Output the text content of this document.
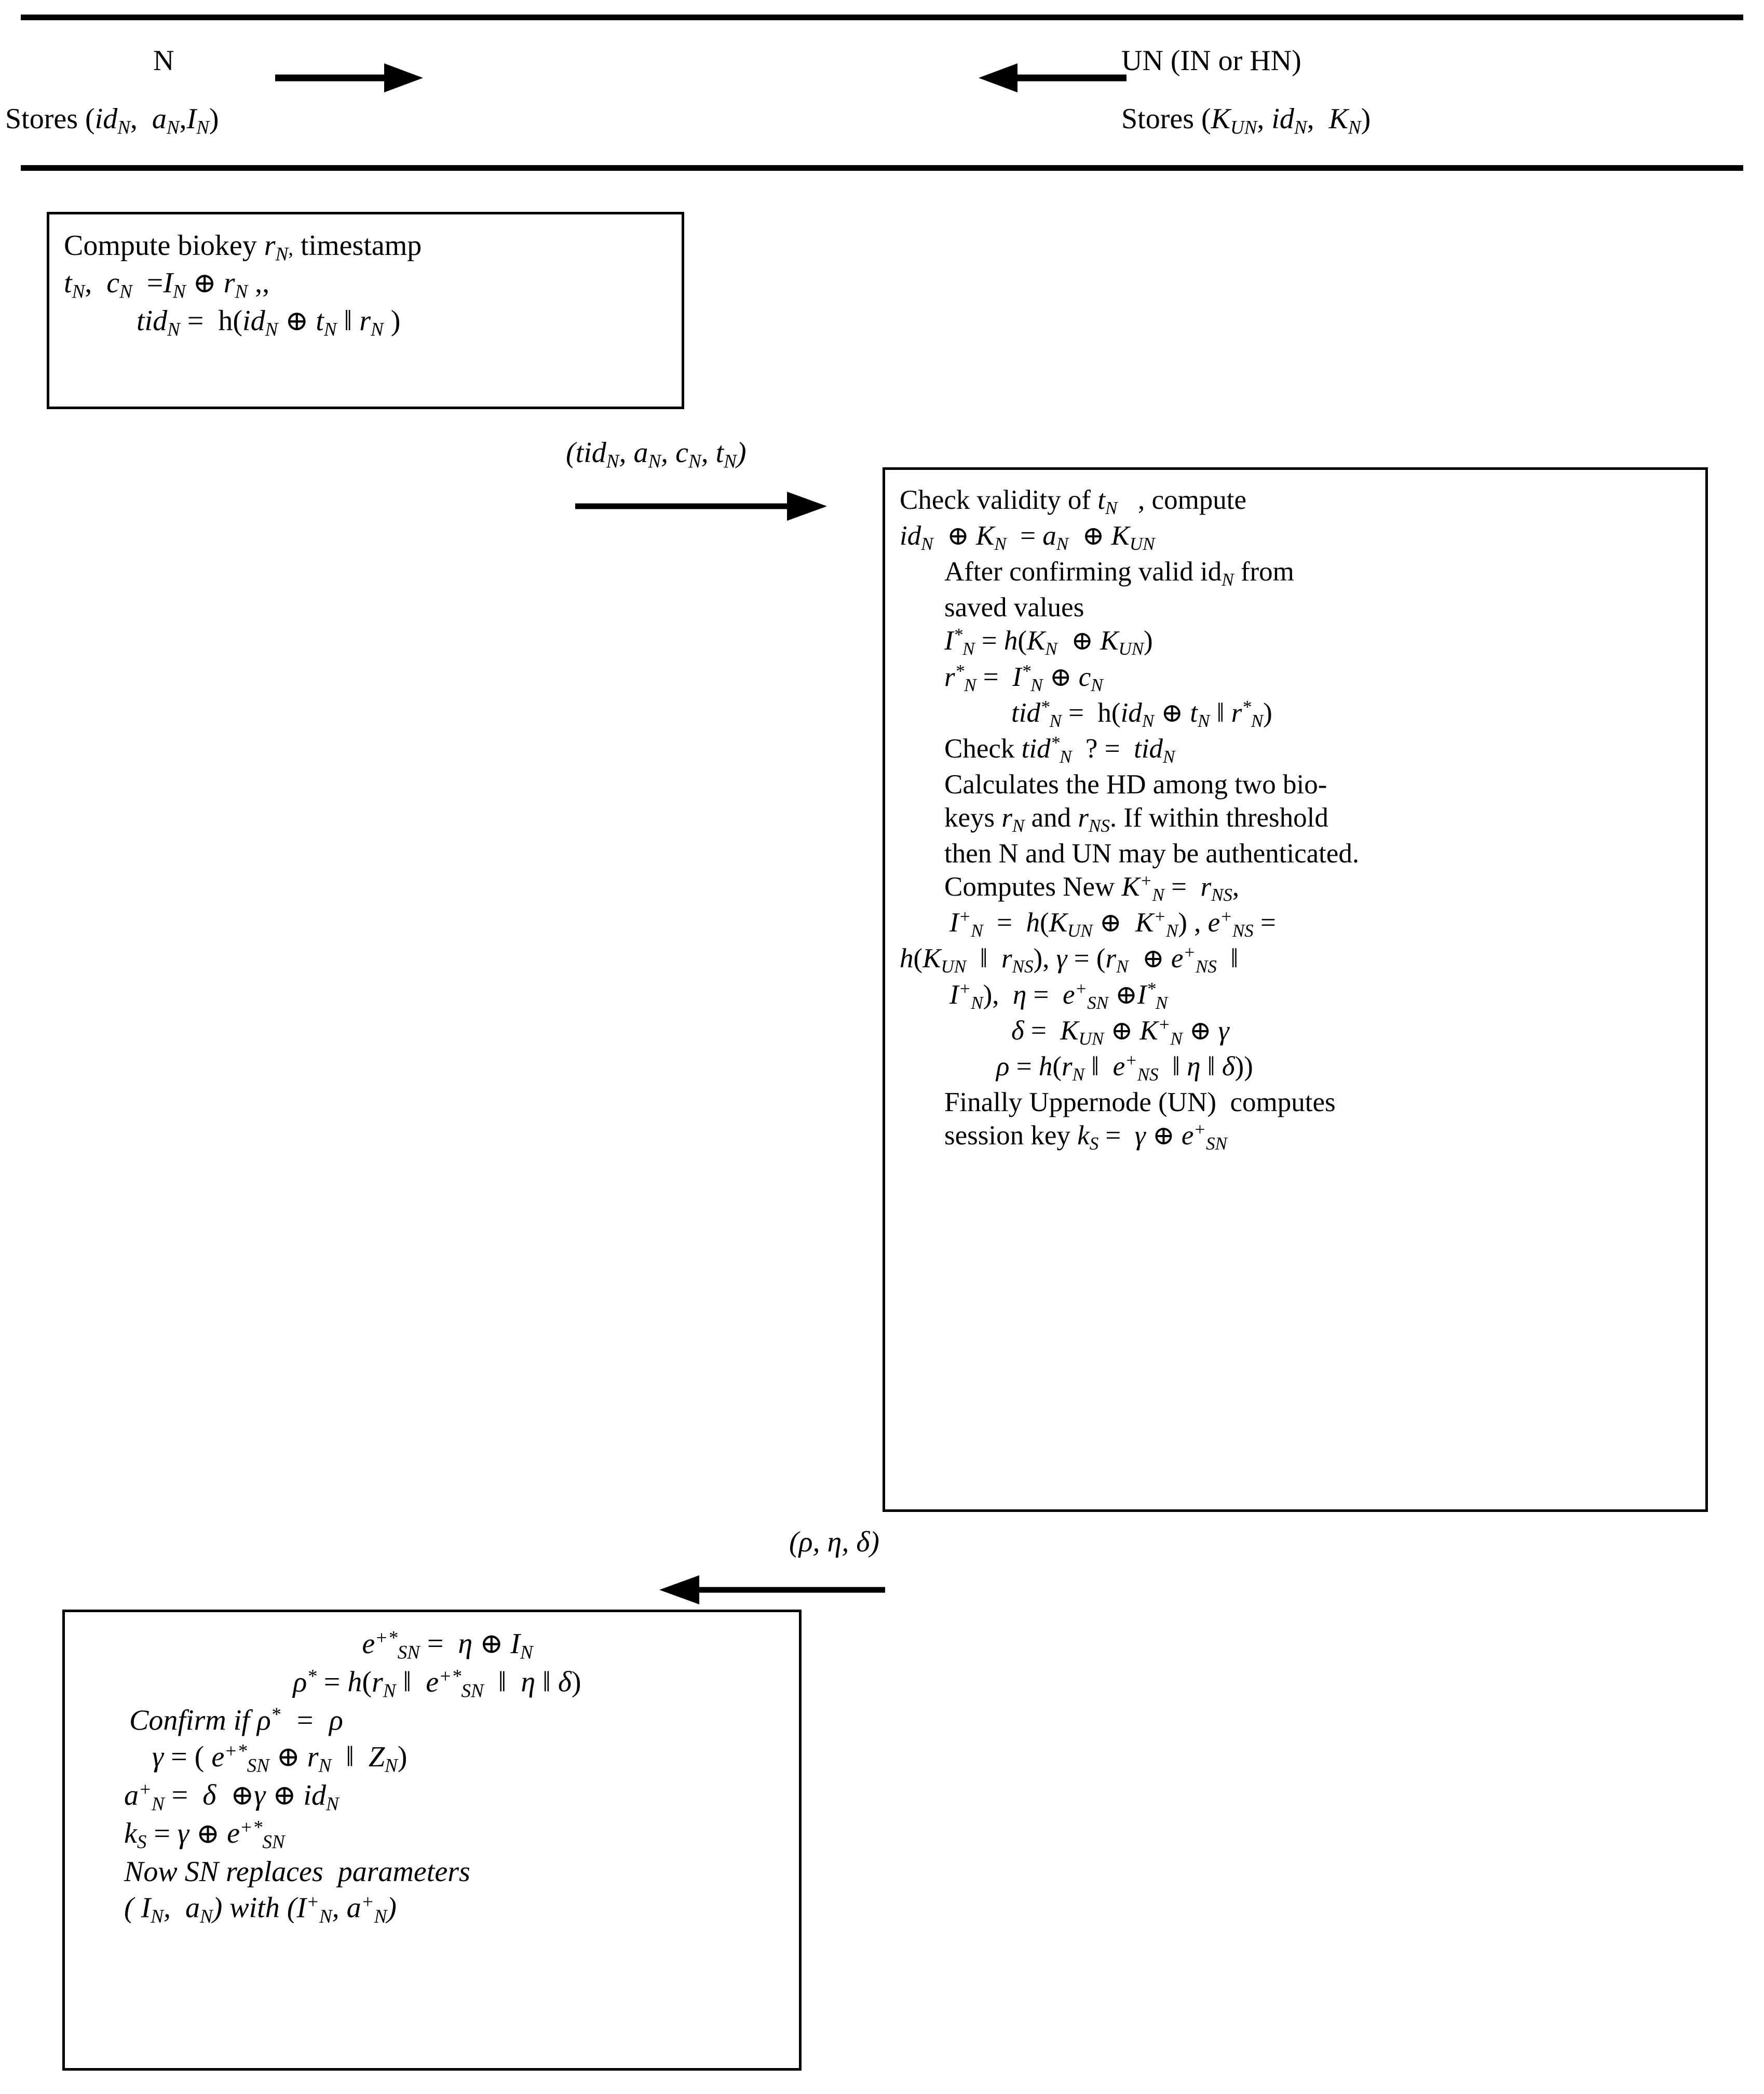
N
Stores ($id_N$,  $a_N,I_N$)
UN (IN or HN)
Stores ($K_{UN}$, $id_N$,  $K_N$)
Compute biokey $r_N$, timestamp
$t_N$,  $c_N =I_N$ ⊕ $r_N$ ,,
$tid_N = h(id_N$ ⊕ $t_N$ ‖ $r_N$ )
(tid$_N$, $a_N$, $c_N$, $t_N$)
Check validity of $t_N$   , compute
$id_N$ ⊕ $K_N = a_N$ ⊕ $K_{UN}$
After confirming valid $id_N$ from
saved values
$I^*_N = h(K_N$ ⊕ $K_{UN}$)
$r^*_N = I^*_N$ ⊕ $c_N$
$tid^*_N = h(id_N$ ⊕ $t_N$ ‖ $r^*_N$)
Check tid*$_N$  ? =  tid$_N$
Calculates the HD among two bio-
keys $r_N$ and $r_{NS}$. If within threshold
then N and UN may be authenticated.
Computes New $K^+_N = r_{NS}$,
$I^+_N = h(K_{UN}$ ⊕ $K^+_N$) , $e^+_{NS}$ =
$h(K_{UN}$  ‖  $r_{NS}$), $\gamma = (r_N$ ⊕ $e^+_{NS}$  ‖
$I^+_N$),  $\eta = e^+_{SN}$ $\oplus I^*_N$
$\delta = K_{UN}$ ⊕ $K^+_N$ ⊕ γ
$\rho = h(r_N$ ‖  $e^+_{NS}$  ‖ η ‖ δ))
Finally Uppernode (UN)  computes
session key $k_S = \gamma$ ⊕ $e^+_{SN}$
(ρ, η, δ)
$e^{+*}_{SN} = \eta$ ⊕ $I_N$
$\rho^* = h(r_N$ ‖  $e^{+*}_{SN}$  ‖  η ‖ δ)
Confirm if ρ*  =  ρ
γ = ( $e^{+*}_{SN}$ ⊕ $r_N$  ‖  $Z_N$)
$a^+_N = \delta$ ⊕γ ⊕ $id_N$
$k_S = \gamma$ ⊕ $e^{+*}_{SN}$
Now SN replaces  parameters
( $I_N$,  $a_N$) with ($I^+_N$, $a^+_N$)
